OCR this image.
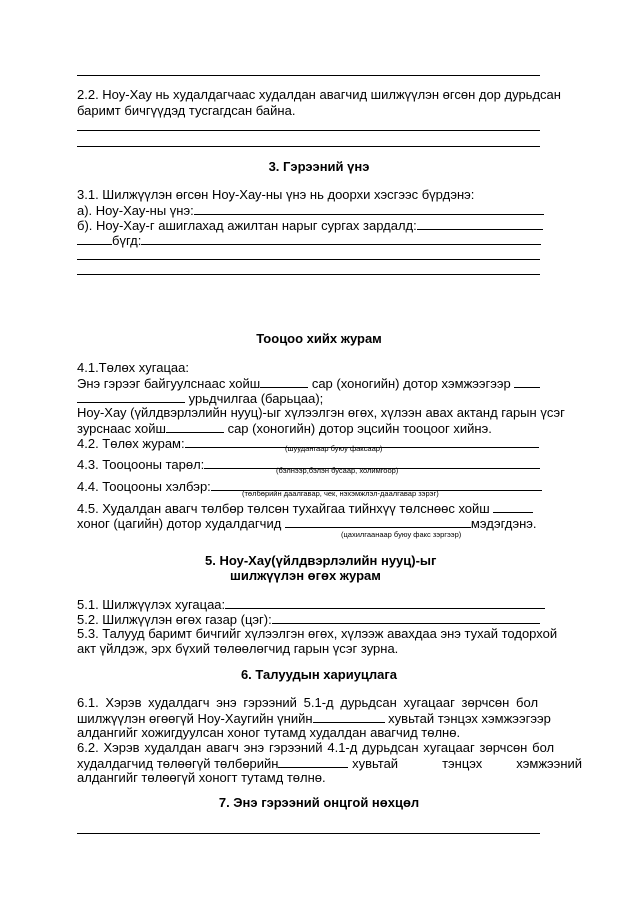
2.2. Ноу-Хау нь худалдагчаас худалдан авагчид шилжүүлэн өгсөн дор дурьдсан
баримт бичгүүдэд тусгагдсан байна.
3. Гэрээний үнэ
3.1. Шилжүүлэн өгсөн Ноу-Хау-ны үнэ нь доорхи хэсгээс бүрдэнэ:
а). Ноу-Хау-ны үнэ:
б). Ноу-Хау-г ашиглахад ажилтан нарыг сургах зардалд:
бүгд:
Тооцоо хийх журам
4.1.Төлөх хугацаа:
Энэ гэрээг байгуулснаас хойш	сар (хоногийн) дотор хэмжээгээр
урьдчилгаа (барьцаа);
Ноу-Хау (үйлдвэрлэлийн нууц)-ыг хүлээлгэн өгөх, хүлээн авах актанд гарын үсэг
зурснаас хойш	сар (хоногийн) дотор эцсийн тооцоог хийнэ.
4.2. Төлөх журам:	(шуудангаар буюу факсаар)
4.3. Тооцооны тарөл:	(бэлнээр,бэлэн бусаар, холимгоор)
4.4. Тооцооны хэлбэр:	(төлбөрийн даалгавар, чек, нэхэмжлэл-даалгавар зэрэг)
4.5. Худалдан авагч төлбөр төлсөн тухайгаа тийнхүү төлснөөс хойш
хоног (цагийн) дотор худалдагчид	мэдэгдэнэ.
(цахилгаанаар буюу факс зэргээр)
5. Ноу-Хау(үйлдвэрлэлийн нууц)-ыг
шилжүүлэн өгөх журам
5.1. Шилжүүлэх хугацаа:
5.2. Шилжүүлэн өгөх газар (цэг):
5.3. Талууд баримт бичгийг хүлээлгэн өгөх, хүлээж авахдаа энэ тухай тодорхой
акт үйлдэж, эрх бүхий төлөөлөгчид гарын үсэг зурна.
6. Талуудын хариуцлага
6.1. Хэрэв худалдагч энэ гэрээний 5.1-д дурьдсан хугацааг зөрчсөн бол
шилжүүлэн өгөөгүй Ноу-Хаугийн үнийн	хувьтай тэнцэх хэмжээгээр
алдангийг хожигдуулсан хоног тутамд худалдан авагчид төлнө.
6.2. Хэрэв худалдан авагч энэ гэрээний 4.1-д дурьдсан хугацааг зөрчсөн бол
худалдагчид төлөөгүй төлбөрийн	хувьтай	тэнцэх	хэмжээний
алдангийг төлөөгүй хоногт тутамд төлнө.
7. Энэ гэрээний онцгой нөхцөл
